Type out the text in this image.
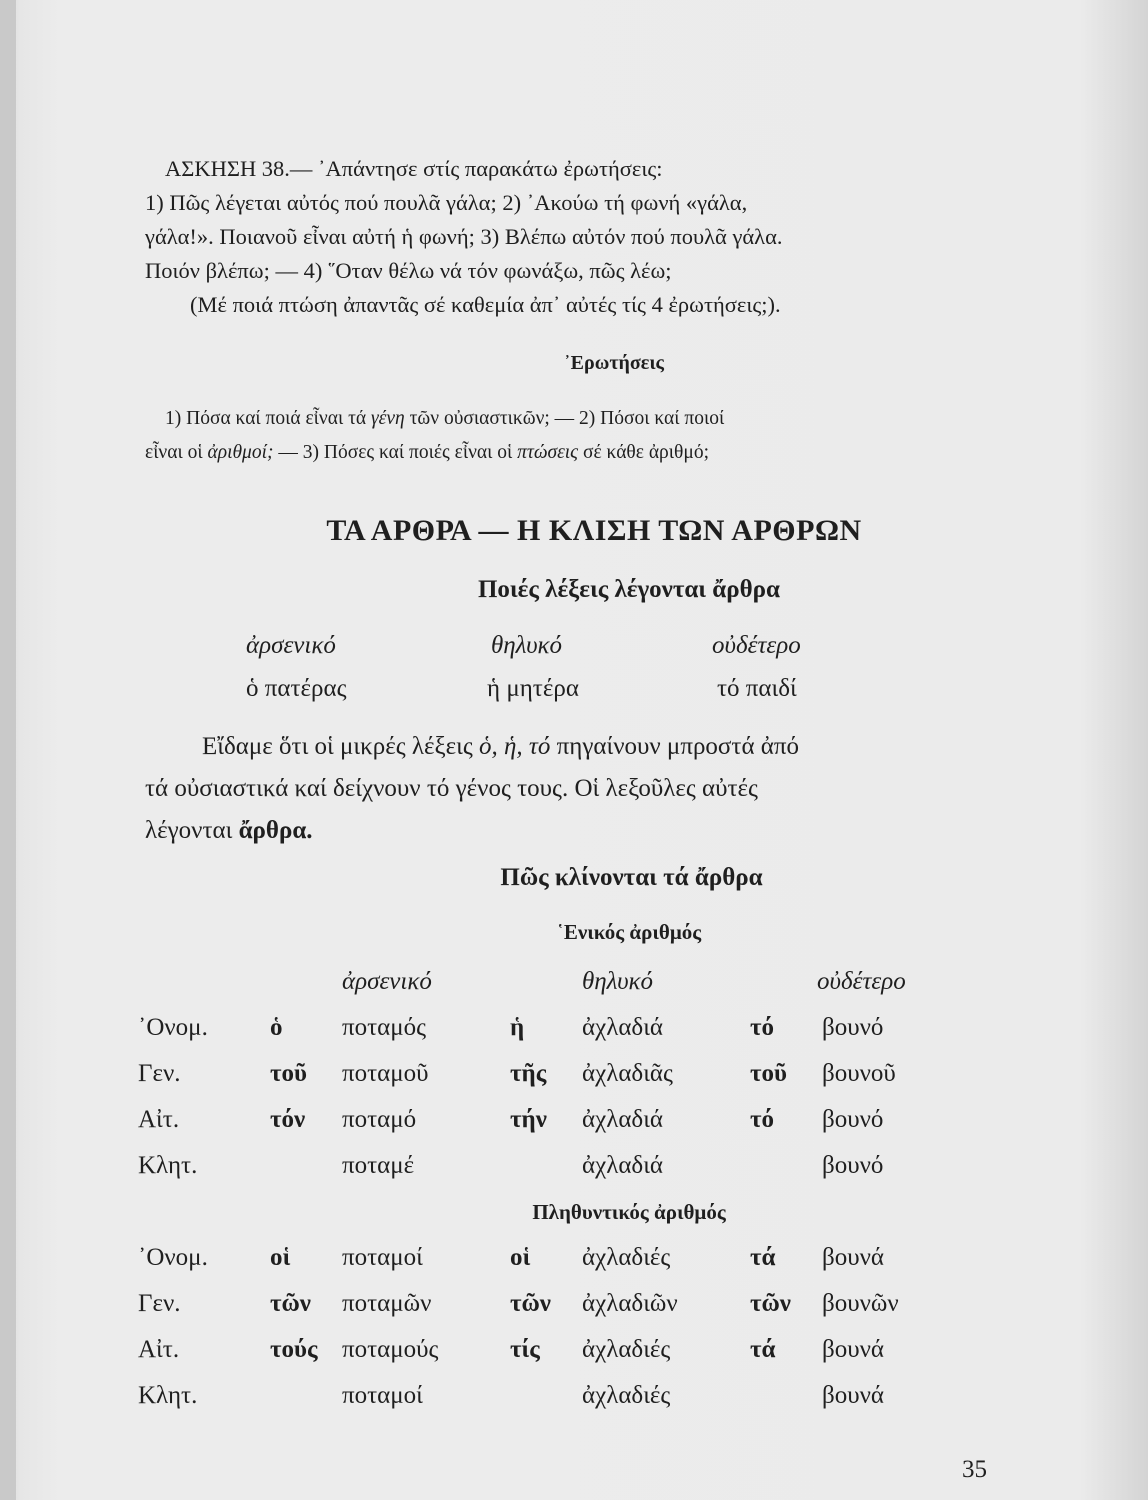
ΑΣΚΗΣΗ 38.— ᾿Απάντησε στίς παρακάτω ἐρωτήσεις:

1) Πῶς λέγεται αὐτός πού πουλᾶ γάλα; 2) ᾿Ακούω τή φωνή «γάλα,

γάλα!». Ποιανοῦ εἶναι αὐτή ἡ φωνή; 3) Βλέπω αὐτόν πού πουλᾶ γάλα.

Ποιόν βλέπω; — 4) ῞Οταν θέλω νά τόν φωνάξω, πῶς λέω;

(Μέ ποιά πτώση ἀπαντᾶς σέ καθεμία ἀπ᾿ αὐτές τίς 4 ἐρωτήσεις;).

᾿Ερωτήσεις

1) Πόσα καί ποιά εἶναι τά γένη τῶν οὐσιαστικῶν; — 2) Πόσοι καί ποιοί

εἶναι οἱ ἀριθμοί; — 3) Πόσες καί ποιές εἶναι οἱ πτώσεις σέ κάθε ἀριθμό;

ΤΑ ΑΡΘΡΑ — Η ΚΛΙΣΗ ΤΩΝ ΑΡΘΡΩΝ
Ποιές λέξεις λέγονται ἄρθρα
ἀρσενικό	θηλυκό	οὐδέτερο
ὁ πατέρας	ἡ μητέρα	τό παιδί

Εἴδαμε ὅτι οἱ μικρές λέξεις ὁ, ἡ, τό πηγαίνουν μπροστά ἀπό

τά οὐσιαστικά καί δείχνουν τό γένος τους. Οἱ λεξοῦλες αὐτές

λέγονται ἄρθρα.

Πῶς κλίνονται τά ἄρθρα
῾Ενικός ἀριθμός
ἀρσενικό	θηλυκό	οὐδέτερο
᾿Ονομ. ὁ ποταμός	ἡ ἀχλαδιά	τό βουνό
Γεν.	τοῦ ποταμοῦ	τῆς ἀχλαδιᾶς	τοῦ βουνοῦ
Αἰτ.	τόν ποταμό	τήν ἀχλαδιά	τό βουνό
Κλητ.	ποταμέ	ἀχλαδιά	βουνό
Πληθυντικός ἀριθμός
᾿Ονομ. οἱ ποταμοί	οἱ ἀχλαδιές	τά βουνά
Γεν.	τῶν ποταμῶν	τῶν ἀχλαδιῶν	τῶν βουνῶν
Αἰτ.	τούς ποταμούς	τίς ἀχλαδιές	τά βουνά
Κλητ.	ποταμοί	ἀχλαδιές	βουνά
35
